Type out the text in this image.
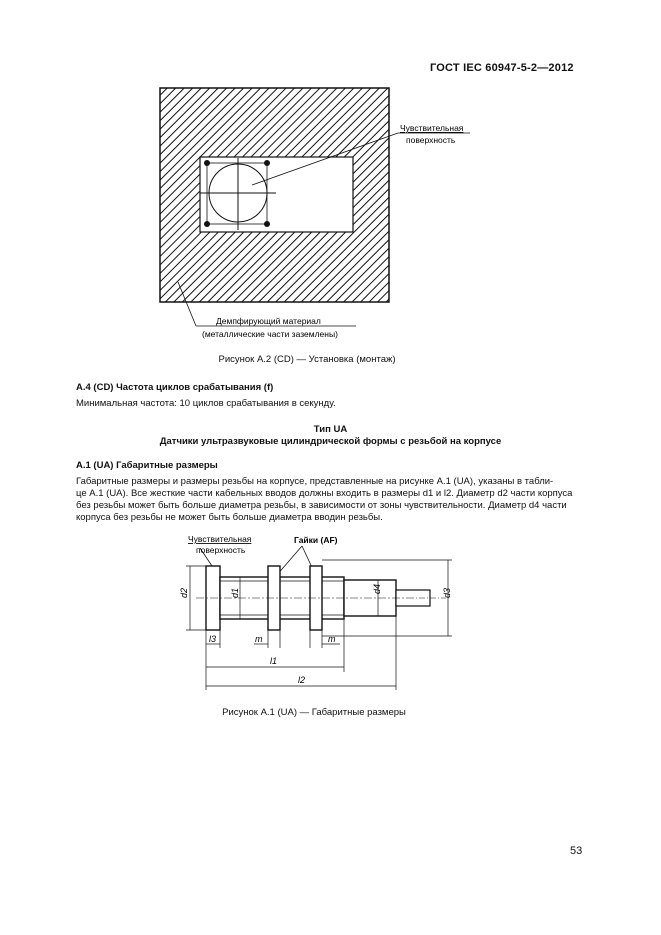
ГОСТ IEC 60947-5-2—2012
Чувствительная
поверхность
Демпфирующий материал
(металлические части заземлены)
Рисунок А.2 (CD) — Установка (монтаж)
A.4 (CD) Частота циклов срабатывания (f)
Минимальная частота: 10 циклов срабатывания в секунду.
Тип UA
Датчики ультразвуковые цилиндрической формы с резьбой на корпусе
A.1 (UA) Габаритные размеры
Габаритные размеры и размеры резьбы на корпусе, представленные на рисунке А.1 (UA), указаны в табли-
це А.1 (UA). Все жесткие части кабельных вводов должны входить в размеры d1 и l2. Диаметр d2 части корпуса
без резьбы может быть больше диаметра резьбы, в зависимости от зоны чувствительности. Диаметр d4 части
корпуса без резьбы не может быть больше диаметра вводин резьбы.
Чувствительная
поверхность
Гайки (AF)
d2	d1	d4	d3
l3	m	m
l1
l2
Рисунок А.1 (UA) — Габаритные размеры
53
